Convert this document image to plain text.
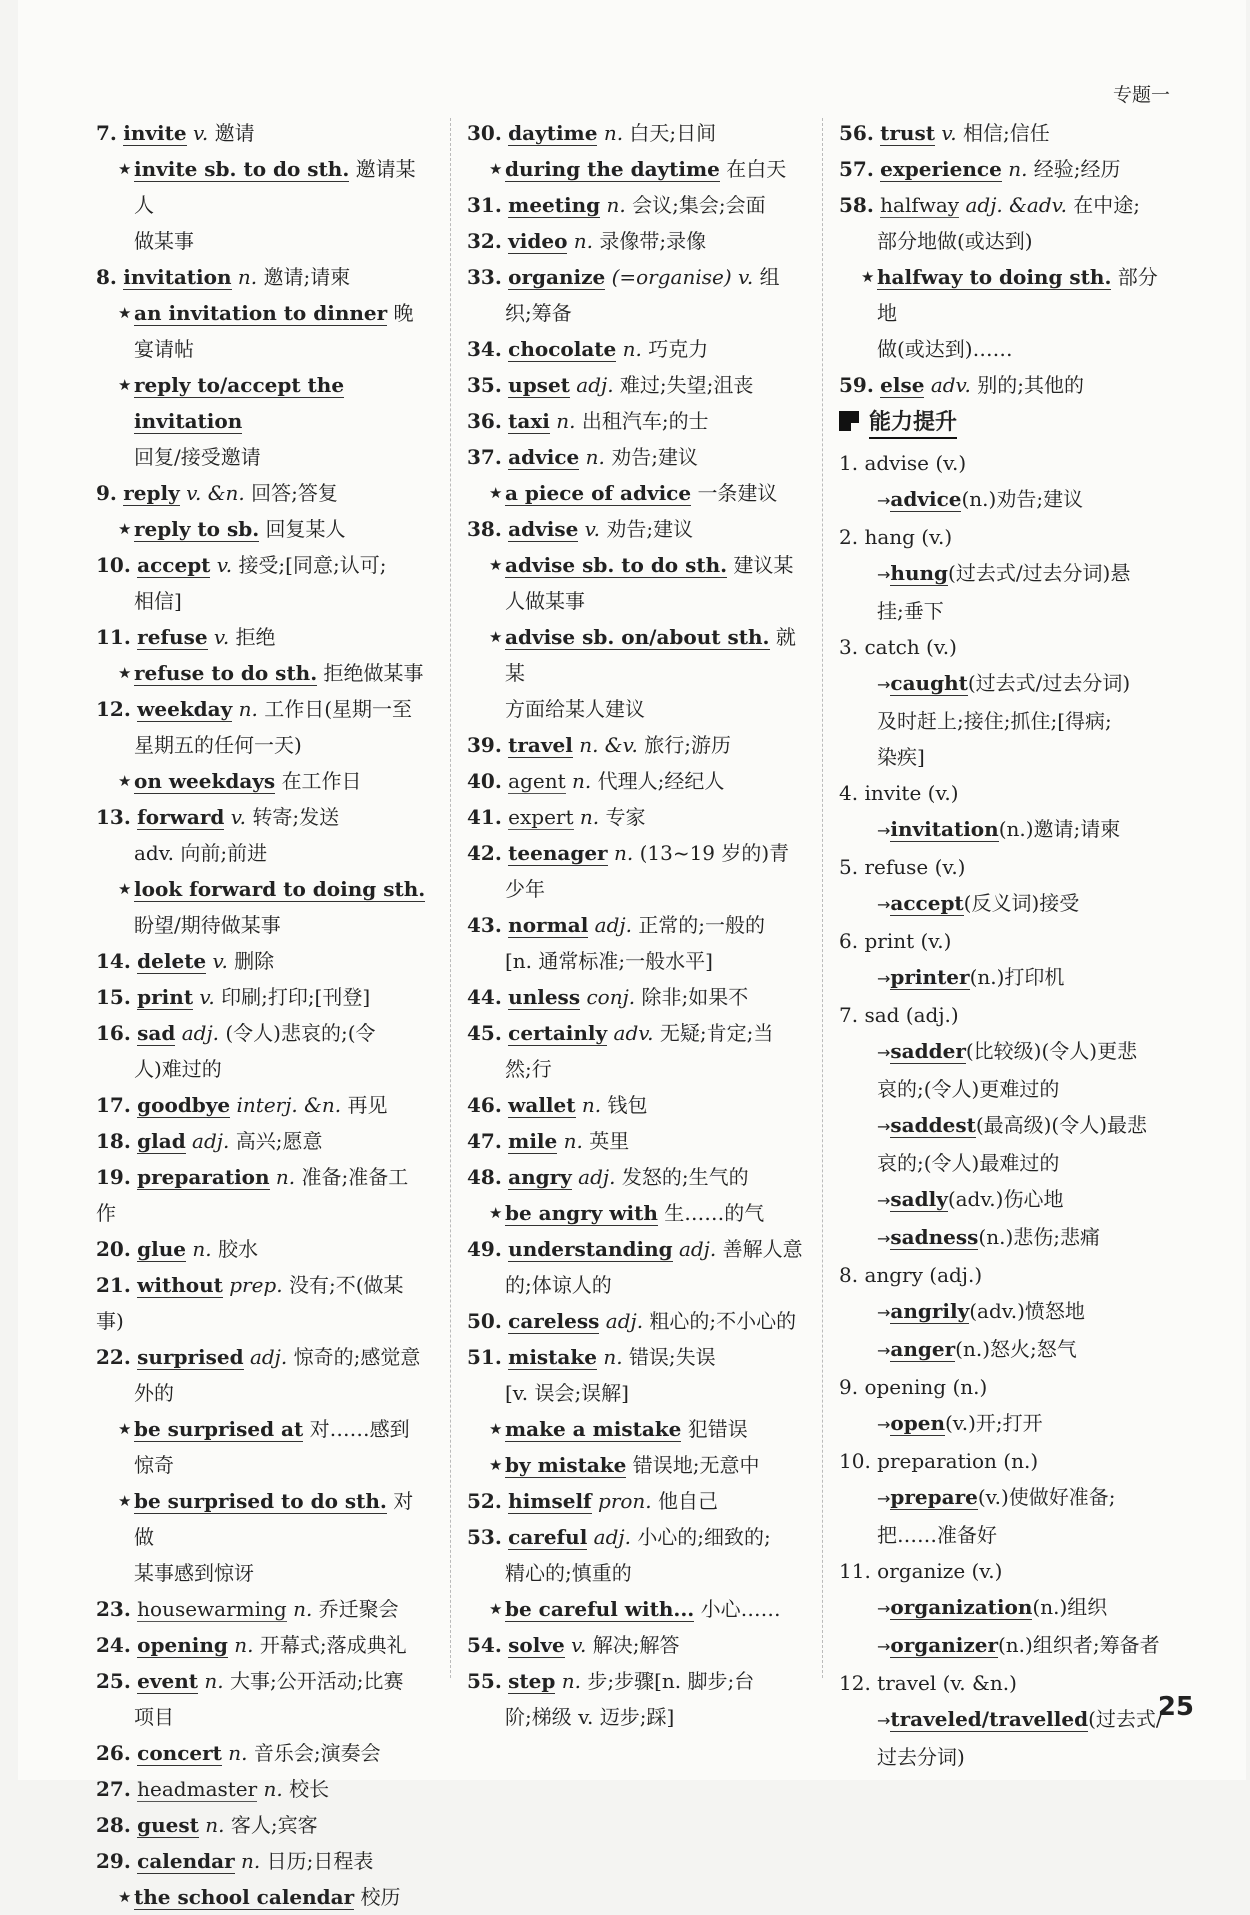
专题一
7. invite v. 邀请
★ invite sb. to do sth. 邀请某人
做某事
8. invitation n. 邀请;请柬
★ an invitation to dinner 晚宴请帖
★ reply to/accept the invitation
回复/接受邀请
9. reply v. &n. 回答;答复
★ reply to sb. 回复某人
10. accept v. 接受;[同意;认可;
相信]
11. refuse v. 拒绝
★ refuse to do sth. 拒绝做某事
12. weekday n. 工作日(星期一至
星期五的任何一天)
★ on weekdays 在工作日
13. forward v. 转寄;发送
adv. 向前;前进
★ look forward to doing sth.
盼望/期待做某事
14. delete v. 删除
15. print v. 印刷;打印;[刊登]
16. sad adj. (令人)悲哀的;(令
人)难过的
17. goodbye interj. &n. 再见
18. glad adj. 高兴;愿意
19. preparation n. 准备;准备工作
20. glue n. 胶水
21. without prep. 没有;不(做某事)
22. surprised adj. 惊奇的;感觉意
外的
★ be surprised at 对……感到惊奇
★ be surprised to do sth. 对做
某事感到惊讶
23. housewarming n. 乔迁聚会
24. opening n. 开幕式;落成典礼
25. event n. 大事;公开活动;比赛
项目
26. concert n. 音乐会;演奏会
27. headmaster n. 校长
28. guest n. 客人;宾客
29. calendar n. 日历;日程表
★ the school calendar 校历
30. daytime n. 白天;日间
★ during the daytime 在白天
31. meeting n. 会议;集会;会面
32. video n. 录像带;录像
33. organize (=organise) v. 组
织;筹备
34. chocolate n. 巧克力
35. upset adj. 难过;失望;沮丧
36. taxi n. 出租汽车;的士
37. advice n. 劝告;建议
★ a piece of advice 一条建议
38. advise v. 劝告;建议
★ advise sb. to do sth. 建议某
人做某事
★ advise sb. on/about sth. 就某
方面给某人建议
39. travel n. &v. 旅行;游历
40. agent n. 代理人;经纪人
41. expert n. 专家
42. teenager n. (13~19 岁的)青
少年
43. normal adj. 正常的;一般的
[n. 通常标准;一般水平]
44. unless conj. 除非;如果不
45. certainly adv. 无疑;肯定;当
然;行
46. wallet n. 钱包
47. mile n. 英里
48. angry adj. 发怒的;生气的
★ be angry with 生……的气
49. understanding adj. 善解人意
的;体谅人的
50. careless adj. 粗心的;不小心的
51. mistake n. 错误;失误
[v. 误会;误解]
★ make a mistake 犯错误
★ by mistake 错误地;无意中
52. himself pron. 他自己
53. careful adj. 小心的;细致的;
精心的;慎重的
★ be careful with... 小心……
54. solve v. 解决;解答
55. step n. 步;步骤[n. 脚步;台
阶;梯级 v. 迈步;踩]
56. trust v. 相信;信任
57. experience n. 经验;经历
58. halfway adj. &adv. 在中途;
部分地做(或达到)
★ halfway to doing sth. 部分地
做(或达到)……
59. else adv. 别的;其他的
能力提升
1. advise (v.)
→advice(n.)劝告;建议
2. hang (v.)
→hung(过去式/过去分词)悬
挂;垂下
3. catch (v.)
→caught(过去式/过去分词)
及时赶上;接住;抓住;[得病;
染疾]
4. invite (v.)
→invitation(n.)邀请;请柬
5. refuse (v.)
→accept(反义词)接受
6. print (v.)
→printer(n.)打印机
7. sad (adj.)
→sadder(比较级)(令人)更悲
哀的;(令人)更难过的
→saddest(最高级)(令人)最悲
哀的;(令人)最难过的
→sadly(adv.)伤心地
→sadness(n.)悲伤;悲痛
8. angry (adj.)
→angrily(adv.)愤怒地
→anger(n.)怒火;怒气
9. opening (n.)
→open(v.)开;打开
10. preparation (n.)
→prepare(v.)使做好准备;
把……准备好
11. organize (v.)
→organization(n.)组织
→organizer(n.)组织者;筹备者
12. travel (v. &n.)
→traveled/travelled(过去式/
过去分词)
25
